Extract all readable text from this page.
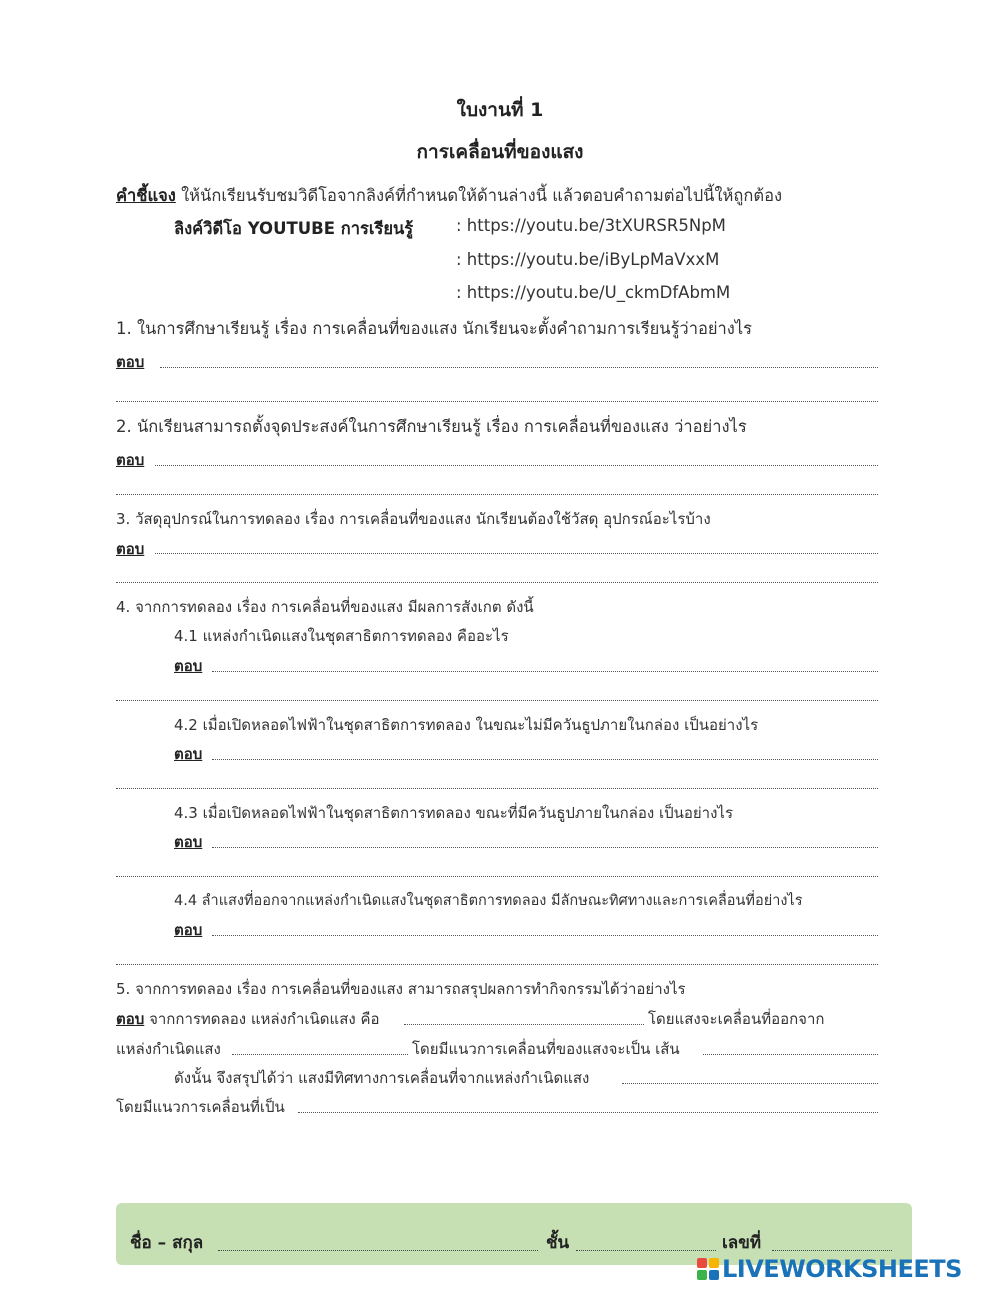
ใบงานที่ 1
การเคลื่อนที่ของแสง
คำชี้แจง ให้นักเรียนรับชมวิดีโอจากลิงค์ที่กำหนดให้ด้านล่างนี้ แล้วตอบคำถามต่อไปนี้ให้ถูกต้อง
ลิงค์วิดีโอ YOUTUBE การเรียนรู้	: https://youtu.be/3tXURSR5NpM
: https://youtu.be/iByLpMaVxxM
: https://youtu.be/U_ckmDfAbmM
1. ในการศึกษาเรียนรู้ เรื่อง การเคลื่อนที่ของแสง นักเรียนจะตั้งคำถามการเรียนรู้ว่าอย่างไร
ตอบ
2. นักเรียนสามารถตั้งจุดประสงค์ในการศึกษาเรียนรู้ เรื่อง การเคลื่อนที่ของแสง ว่าอย่างไร
ตอบ
3. วัสดุอุปกรณ์ในการทดลอง เรื่อง การเคลื่อนที่ของแสง นักเรียนต้องใช้วัสดุ อุปกรณ์อะไรบ้าง
ตอบ
4. จากการทดลอง เรื่อง การเคลื่อนที่ของแสง มีผลการสังเกต ดังนี้
4.1 แหล่งกำเนิดแสงในชุดสาธิตการทดลอง คืออะไร
ตอบ
4.2 เมื่อเปิดหลอดไฟฟ้าในชุดสาธิตการทดลอง ในขณะไม่มีควันธูปภายในกล่อง เป็นอย่างไร
ตอบ
4.3 เมื่อเปิดหลอดไฟฟ้าในชุดสาธิตการทดลอง ขณะที่มีควันธูปภายในกล่อง เป็นอย่างไร
ตอบ
4.4 ลำแสงที่ออกจากแหล่งกำเนิดแสงในชุดสาธิตการทดลอง มีลักษณะทิศทางและการเคลื่อนที่อย่างไร
ตอบ
5. จากการทดลอง เรื่อง การเคลื่อนที่ของแสง สามารถสรุปผลการทำกิจกรรมได้ว่าอย่างไร
ตอบ จากการทดลอง แหล่งกำเนิดแสง คือ	โดยแสงจะเคลื่อนที่ออกจาก
แหล่งกำเนิดแสง	โดยมีแนวการเคลื่อนที่ของแสงจะเป็น เส้น
ดังนั้น จึงสรุปได้ว่า แสงมีทิศทางการเคลื่อนที่จากแหล่งกำเนิดแสง
โดยมีแนวการเคลื่อนที่เป็น
ชื่อ – สกุล	ชั้น	เลขที่
LIVEWORKSHEETS
